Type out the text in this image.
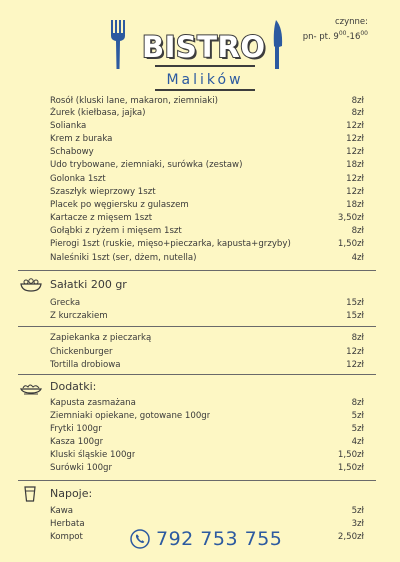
BISTRO
Malików
czynne:
pn- pt. $9^{00}-16^{00}$
Rosół (kluski lane, makaron, ziemniaki)	8zł
Żurek (kiełbasa, jajka)	8zł
Solianka	12zł
Krem z buraka	12zł
Schabowy	12zł
Udo trybowane, ziemniaki, surówka (zestaw)	18zł
Golonka 1szt	12zł
Szaszłyk wieprzowy 1szt	12zł
Placek po węgiersku z gulaszem	18zł
Kartacze z mięsem 1szt	3,50zł
Gołąbki z ryżem i mięsem 1szt	8zł
Pierogi 1szt (ruskie, mięso+pieczarka, kapusta+grzyby)	1,50zł
Naleśniki 1szt (ser, dżem, nutella)	4zł
Sałatki 200 gr
Grecka	15zł
Z kurczakiem	15zł
Zapiekanka z pieczarką	8zł
Chickenburger	12zł
Tortilla drobiowa	12zł
Dodatki:
Kapusta zasmażana	8zł
Ziemniaki opiekane, gotowane 100gr	5zł
Frytki 100gr	5zł
Kasza 100gr	4zł
Kluski śląskie 100gr	1,50zł
Surówki 100gr	1,50zł
Napoje:
Kawa	5zł
Herbata	3zł
Kompot	2,50zł
792 753 755
